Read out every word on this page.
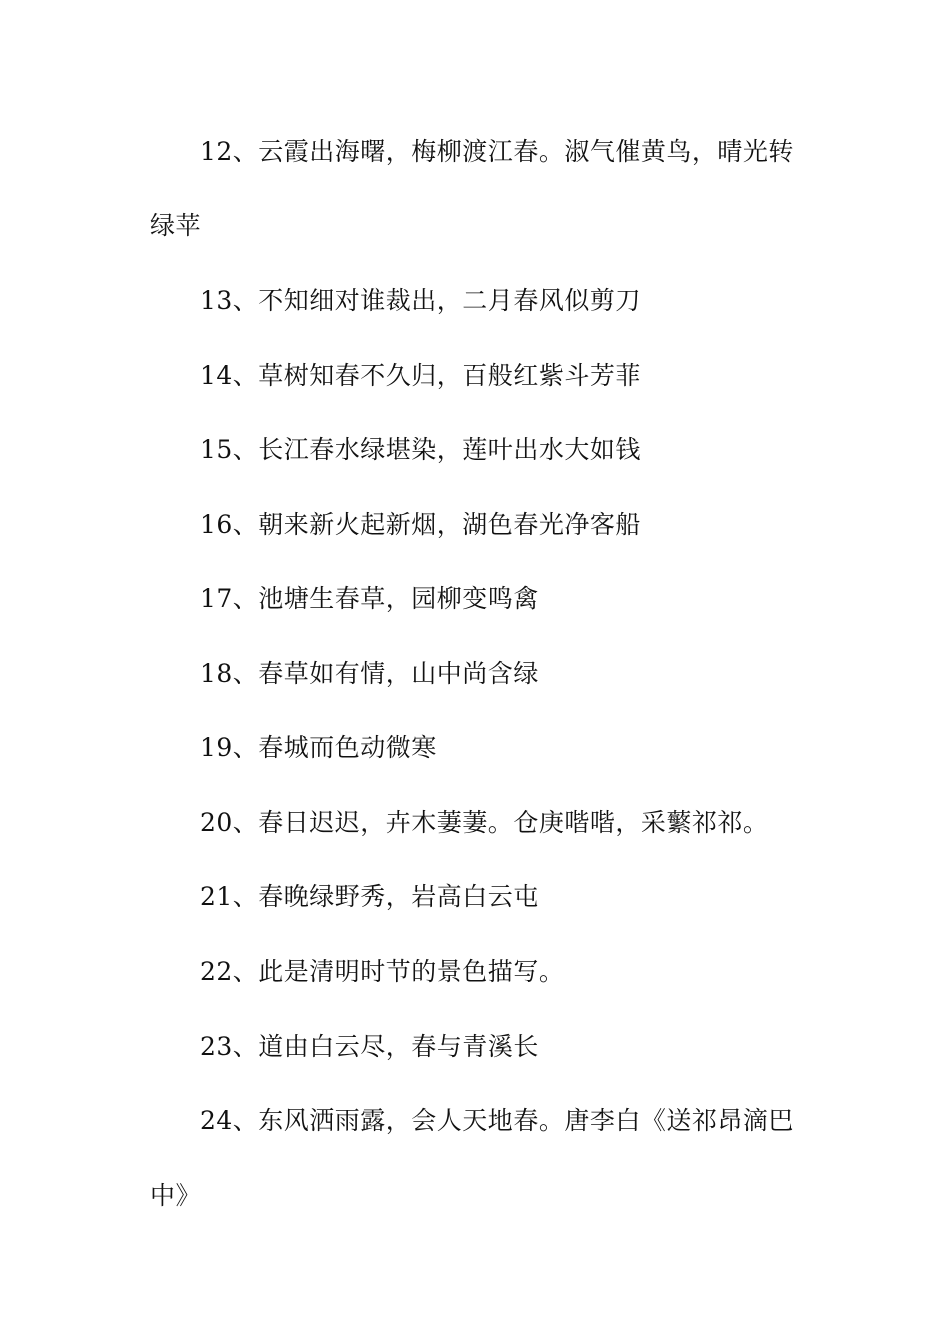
12、云霞出海曙，梅柳渡江春。淑气催黄鸟，晴光转
绿苹
13、不知细对谁裁出，二月春风似剪刀
14、草树知春不久归，百般红紫斗芳菲
15、长江春水绿堪染，莲叶出水大如钱
16、朝来新火起新烟，湖色春光净客船
17、池塘生春草，园柳变鸣禽
18、春草如有情，山中尚含绿
19、春城而色动微寒
20、春日迟迟，卉木萋萋。仓庚喈喈，采蘩祁祁。
21、春晚绿野秀，岩高白云屯
22、此是清明时节的景色描写。
23、道由白云尽，春与青溪长
24、东风洒雨露，会人天地春。唐李白《送祁昂滴巴
中》
